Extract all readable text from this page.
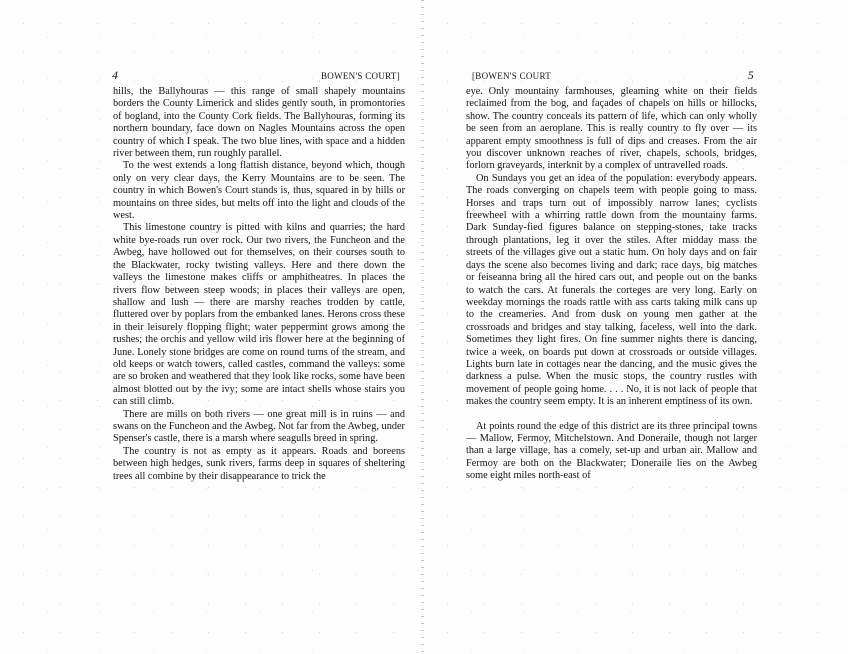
4	BOWEN'S COURT]

hills, the Ballyhouras — this range of small shapely mountains borders the County Limerick and slides gently south, in promontories of bogland, into the County Cork fields. The Ballyhouras, forming its northern boundary, face down on Nagles Mountains across the open country of which I speak. The two blue lines, with space and a hidden river between them, run roughly parallel.

To the west extends a long flattish distance, beyond which, though only on very clear days, the Kerry Mountains are to be seen. The country in which Bowen's Court stands is, thus, squared in by hills or mountains on three sides, but melts off into the light and clouds of the west.

This limestone country is pitted with kilns and quarries; the hard white bye-roads run over rock. Our two rivers, the Funcheon and the Awbeg, have hollowed out for themselves, on their courses south to the Blackwater, rocky twisting valleys. Here and there down the valleys the limestone makes cliffs or amphitheatres. In places the rivers flow between steep woods; in places their valleys are open, shallow and lush — there are marshy reaches trodden by cattle, fluttered over by poplars from the embanked lanes. Herons cross these in their leisurely flopping flight; water peppermint grows among the rushes; the orchis and yellow wild iris flower here at the beginning of June. Lonely stone bridges are come on round turns of the stream, and old keeps or watch towers, called castles, command the valleys: some are so broken and weathered that they look like rocks, some have been almost blotted out by the ivy; some are intact shells whose stairs you can still climb.

There are mills on both rivers — one great mill is in ruins — and swans on the Funcheon and the Awbeg. Not far from the Awbeg, under Spenser's castle, there is a marsh where seagulls breed in spring.

The country is not as empty as it appears. Roads and boreens between high hedges, sunk rivers, farms deep in squares of sheltering trees all combine by their disappearance to trick the

[BOWEN'S COURT	5

eye. Only mountainy farmhouses, gleaming white on their fields reclaimed from the bog, and façades of chapels on hills or hillocks, show. The country conceals its pattern of life, which can only wholly be seen from an aeroplane. This is really country to fly over — its apparent empty smoothness is full of dips and creases. From the air you discover unknown reaches of river, chapels, schools, bridges, forlorn graveyards, interknit by a complex of untravelled roads.

On Sundays you get an idea of the population: everybody appears. The roads converging on chapels teem with people going to mass. Horses and traps turn out of impossibly narrow lanes; cyclists freewheel with a whirring rattle down from the mountainy farms. Dark Sunday-fied figures balance on stepping-stones, take tracks through plantations, leg it over the stiles. After midday mass the streets of the villages give out a static hum. On holy days and on fair days the scene also becomes living and dark; race days, big matches or feiseanna bring all the hired cars out, and people out on the banks to watch the cars. At funerals the corteges are very long. Early on weekday mornings the roads rattle with ass carts taking milk cans up to the creameries. And from dusk on young men gather at the crossroads and bridges and stay talking, faceless, well into the dark. Sometimes they light fires. On fine summer nights there is dancing, twice a week, on boards put down at crossroads or outside villages. Lights burn late in cottages near the dancing, and the music gives the darkness a pulse. When the music stops, the country rustles with movement of people going home. . . . No, it is not lack of people that makes the country seem empty. It is an inherent emptiness of its own.

At points round the edge of this district are its three principal towns — Mallow, Fermoy, Mitchelstown. And Doneraile, though not larger than a large village, has a comely, set-up and urban air. Mallow and Fermoy are both on the Blackwater; Doneraile lies on the Awbeg some eight miles north-east of
